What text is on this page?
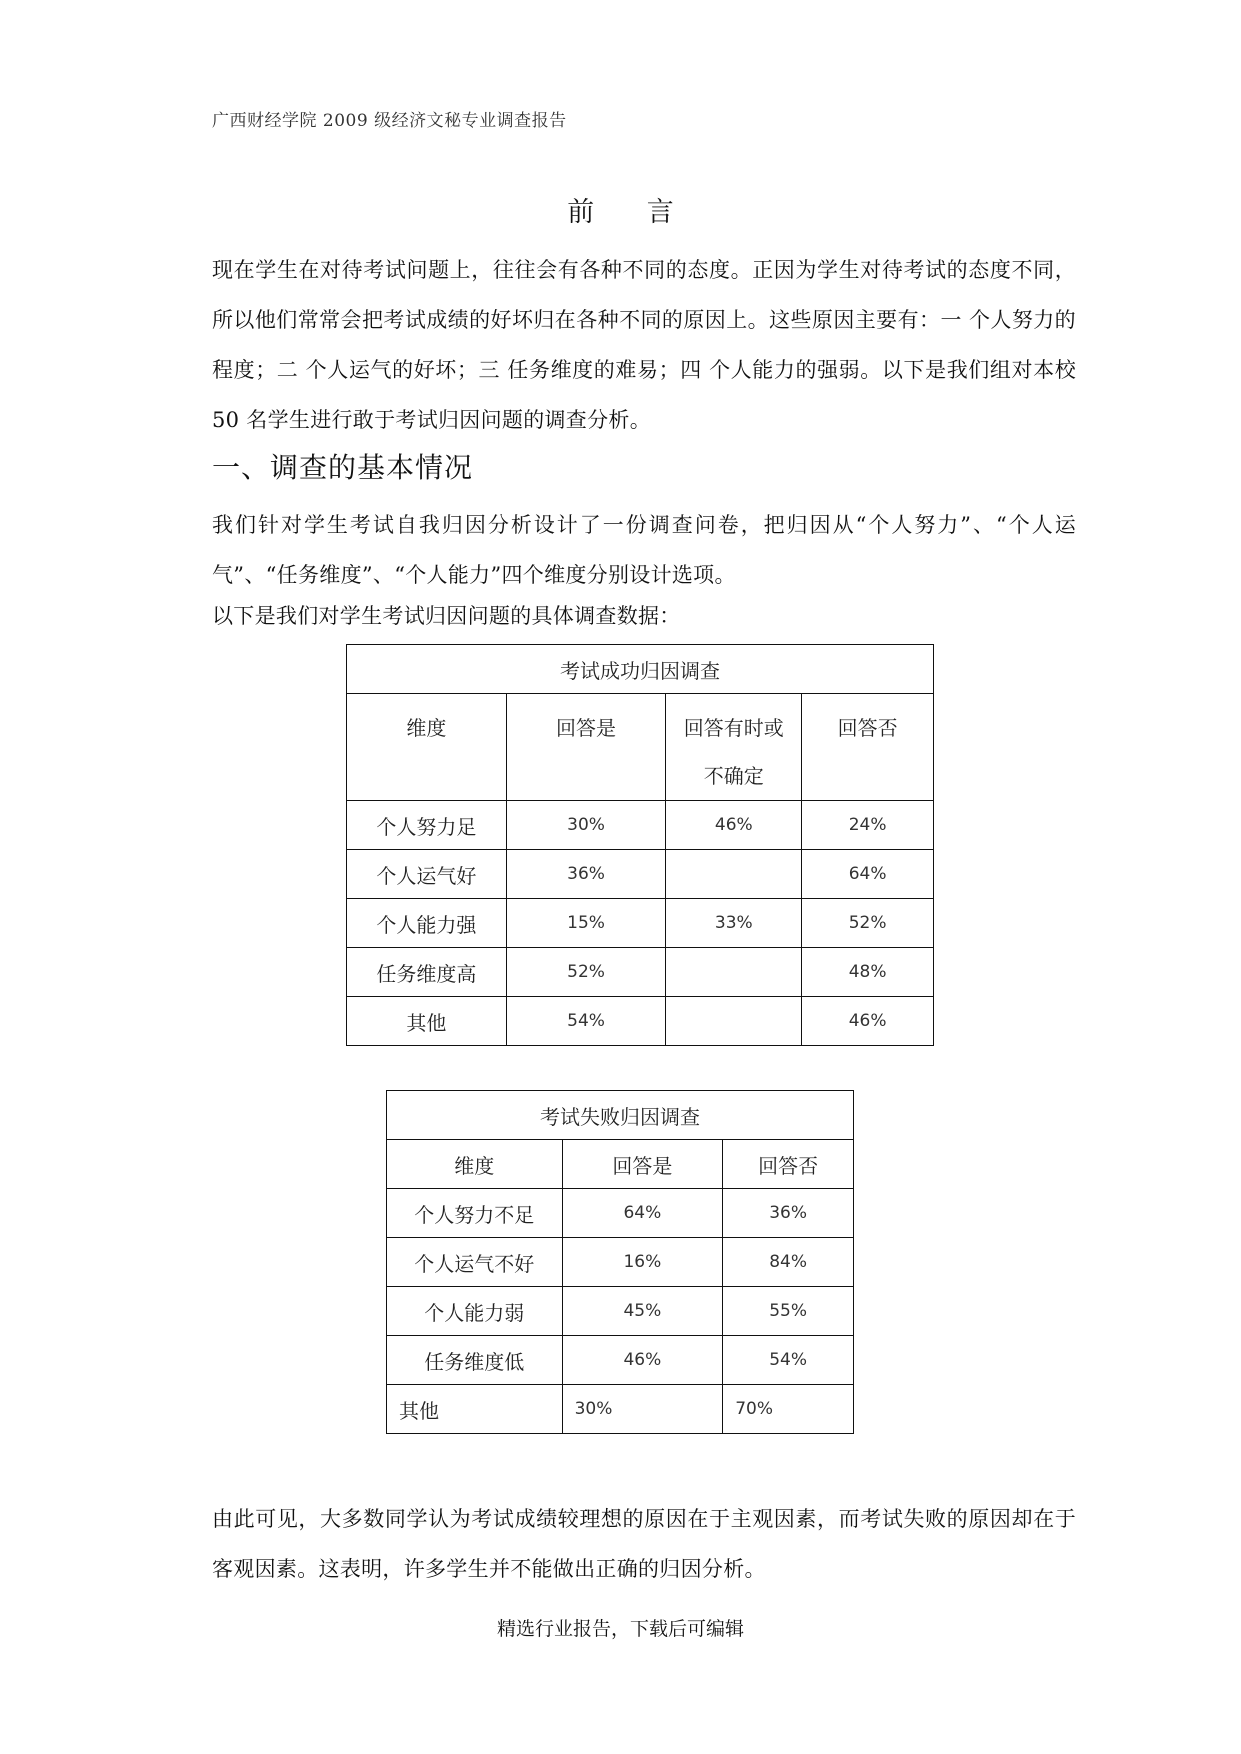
广西财经学院 2009 级经济文秘专业调查报告
前 言
现在学生在对待考试问题上，往往会有各种不同的态度。正因为学生对待考试的态度不同，所以他们常常会把考试成绩的好坏归在各种不同的原因上。这些原因主要有：一 个人努力的程度；二 个人运气的好坏；三 任务维度的难易；四 个人能力的强弱。以下是我们组对本校 50 名学生进行敢于考试归因问题的调查分析。
一、调查的基本情况
我们针对学生考试自我归因分析设计了一份调查问卷，把归因从“个人努力”、“个人运气”、“任务维度”、“个人能力”四个维度分别设计选项。
以下是我们对学生考试归因问题的具体调查数据：
考试成功归因调查			
维度	回答是	回答有时或不确定	回答否
个人努力足	30%	46%	24%
个人运气好	36%		64%
个人能力强	15%	33%	52%
任务维度高	52%		48%
其他	54%		46%
考试失败归因调查		
维度	回答是	回答否
个人努力不足	64%	36%
个人运气不好	16%	84%
个人能力弱	45%	55%
任务维度低	46%	54%
其他	30%	70%
由此可见，大多数同学认为考试成绩较理想的原因在于主观因素，而考试失败的原因却在于客观因素。这表明，许多学生并不能做出正确的归因分析。
精选行业报告，下载后可编辑
